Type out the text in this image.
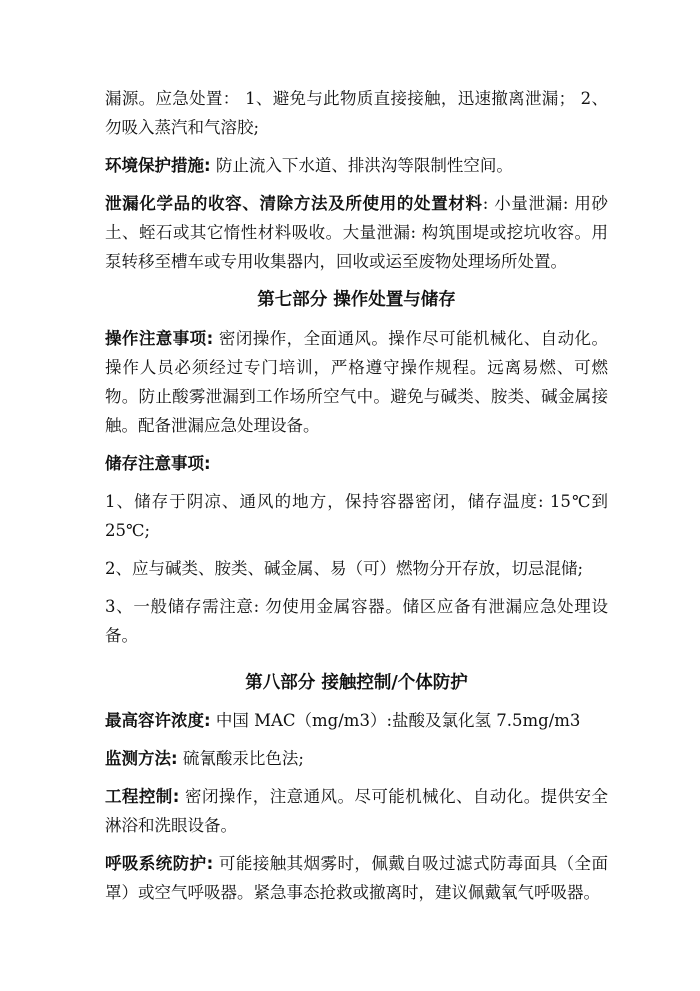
漏源。应急处置： 1、避免与此物质直接接触，迅速撤离泄漏； 2、勿吸入蒸汽和气溶胶;

环境保护措施: 防止流入下水道、排洪沟等限制性空间。

泄漏化学品的收容、清除方法及所使用的处置材料: 小量泄漏: 用砂土、蛭石或其它惰性材料吸收。大量泄漏: 构筑围堤或挖坑收容。用泵转移至槽车或专用收集器内，回收或运至废物处理场所处置。

第七部分 操作处置与储存

操作注意事项: 密闭操作，全面通风。操作尽可能机械化、自动化。操作人员必须经过专门培训，严格遵守操作规程。远离易燃、可燃物。防止酸雾泄漏到工作场所空气中。避免与碱类、胺类、碱金属接触。配备泄漏应急处理设备。

储存注意事项:

1、储存于阴凉、通风的地方，保持容器密闭，储存温度: 15℃到 25℃;

2、应与碱类、胺类、碱金属、易（可）燃物分开存放，切忌混储;

3、一般储存需注意: 勿使用金属容器。储区应备有泄漏应急处理设备。

第八部分 接触控制/个体防护

最高容许浓度: 中国 MAC（mg/m3）:盐酸及氯化氢 7.5mg/m3

监测方法: 硫氰酸汞比色法;

工程控制: 密闭操作，注意通风。尽可能机械化、自动化。提供安全淋浴和洗眼设备。

呼吸系统防护: 可能接触其烟雾时，佩戴自吸过滤式防毒面具（全面罩）或空气呼吸器。紧急事态抢救或撤离时，建议佩戴氧气呼吸器。
